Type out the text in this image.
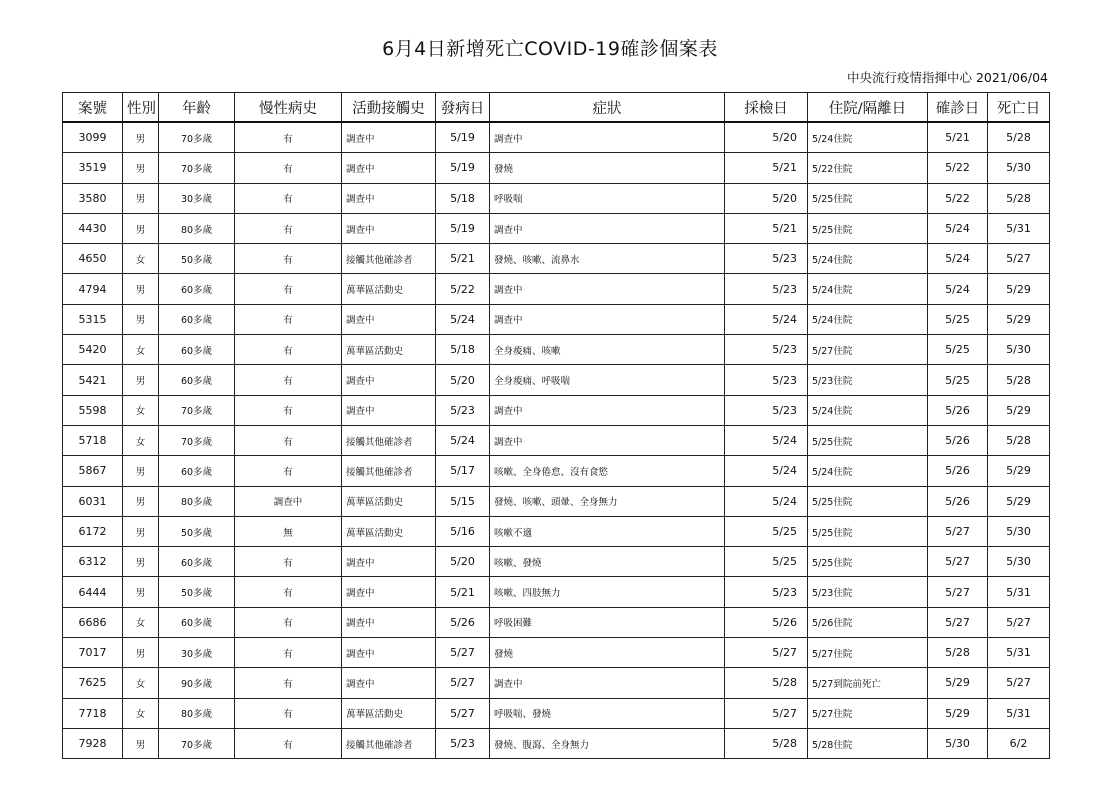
6月4日新增死亡COVID-19確診個案表
中央流行疫情指揮中心 2021/06/04
案號	性別	年齡	慢性病史	活動接觸史	發病日	症狀	採檢日	住院/隔離日	確診日	死亡日
3099	男	70多歲	有	調查中	5/19	調查中	5/20	5/24住院	5/21	5/28
3519	男	70多歲	有	調查中	5/19	發燒	5/21	5/22住院	5/22	5/30
3580	男	30多歲	有	調查中	5/18	呼吸喘	5/20	5/25住院	5/22	5/28
4430	男	80多歲	有	調查中	5/19	調查中	5/21	5/25住院	5/24	5/31
4650	女	50多歲	有	接觸其他確診者	5/21	發燒、咳嗽、流鼻水	5/23	5/24住院	5/24	5/27
4794	男	60多歲	有	萬華區活動史	5/22	調查中	5/23	5/24住院	5/24	5/29
5315	男	60多歲	有	調查中	5/24	調查中	5/24	5/24住院	5/25	5/29
5420	女	60多歲	有	萬華區活動史	5/18	全身痠痛、咳嗽	5/23	5/27住院	5/25	5/30
5421	男	60多歲	有	調查中	5/20	全身痠痛、呼吸喘	5/23	5/23住院	5/25	5/28
5598	女	70多歲	有	調查中	5/23	調查中	5/23	5/24住院	5/26	5/29
5718	女	70多歲	有	接觸其他確診者	5/24	調查中	5/24	5/25住院	5/26	5/28
5867	男	60多歲	有	接觸其他確診者	5/17	咳嗽、全身倦怠、沒有食慾	5/24	5/24住院	5/26	5/29
6031	男	80多歲	調查中	萬華區活動史	5/15	發燒、咳嗽、頭暈、全身無力	5/24	5/25住院	5/26	5/29
6172	男	50多歲	無	萬華區活動史	5/16	咳嗽不適	5/25	5/25住院	5/27	5/30
6312	男	60多歲	有	調查中	5/20	咳嗽、發燒	5/25	5/25住院	5/27	5/30
6444	男	50多歲	有	調查中	5/21	咳嗽、四肢無力	5/23	5/23住院	5/27	5/31
6686	女	60多歲	有	調查中	5/26	呼吸困難	5/26	5/26住院	5/27	5/27
7017	男	30多歲	有	調查中	5/27	發燒	5/27	5/27住院	5/28	5/31
7625	女	90多歲	有	調查中	5/27	調查中	5/28	5/27到院前死亡	5/29	5/27
7718	女	80多歲	有	萬華區活動史	5/27	呼吸喘、發燒	5/27	5/27住院	5/29	5/31
7928	男	70多歲	有	接觸其他確診者	5/23	發燒、腹瀉、全身無力	5/28	5/28住院	5/30	6/2
